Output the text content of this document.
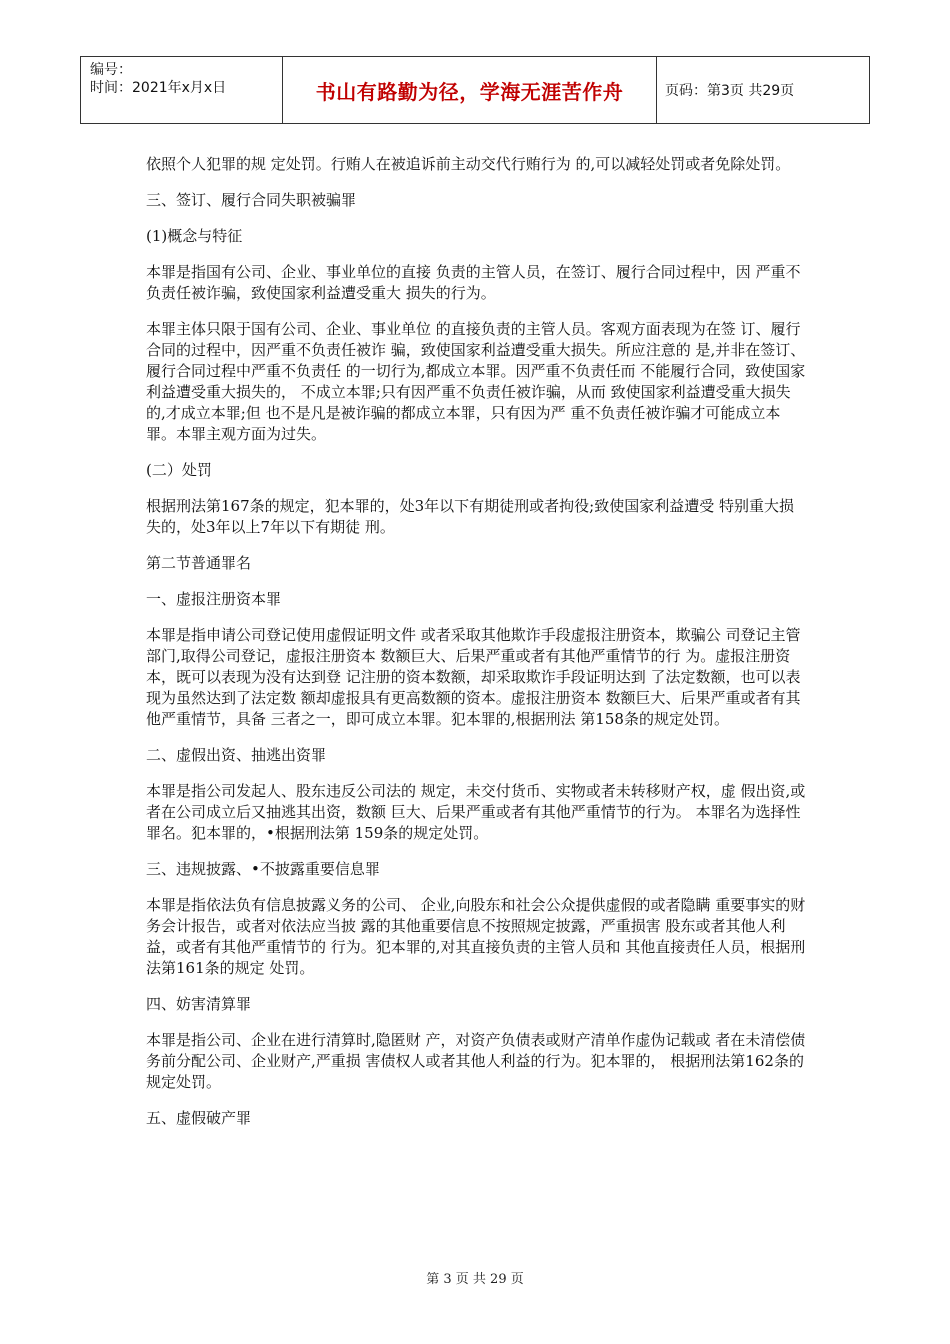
编号：
时间：2021年x月x日	书山有路勤为径，学海无涯苦作舟	页码：第3页 共29页

依照个人犯罪的规 定处罚。行贿人在被追诉前主动交代行贿行为 的,可以减轻处罚或者免除处罚。

三、签订、履行合同失职被骗罪

(1)概念与特征

本罪是指国有公司、企业、事业单位的直接 负责的主管人员，在签订、履行合同过程中，因 严重不负责任被诈骗，致使国家利益遭受重大 损失的行为。

本罪主体只限于国有公司、企业、事业单位 的直接负责的主管人员。客观方面表现为在签 订、履行合同的过程中，因严重不负责任被诈 骗，致使国家利益遭受重大损失。所应注意的 是,并非在签订、履行合同过程中严重不负责任 的一切行为,都成立本罪。因严重不负责任而 不能履行合同，致使国家利益遭受重大损失的， 不成立本罪;只有因严重不负责任被诈骗，从而 致使国家利益遭受重大损失的,才成立本罪;但 也不是凡是被诈骗的都成立本罪，只有因为严 重不负责任被诈骗才可能成立本罪。本罪主观方面为过失。

(二）处罚

根据刑法第167条的规定，犯本罪的，处3年以下有期徒刑或者拘役;致使国家利益遭受 特别重大损失的，处3年以上7年以下有期徒 刑。

第二节普通罪名

一、虚报注册资本罪

本罪是指申请公司登记使用虚假证明文件 或者采取其他欺诈手段虚报注册资本，欺骗公 司登记主管部门,取得公司登记，虚报注册资本 数额巨大、后果严重或者有其他严重情节的行 为。虚报注册资本，既可以表现为没有达到登 记注册的资本数额，却采取欺诈手段证明达到 了法定数额，也可以表现为虽然达到了法定数 额却虚报具有更高数额的资本。虚报注册资本 数额巨大、后果严重或者有其他严重情节，具备 三者之一，即可成立本罪。犯本罪的,根据刑法 第158条的规定处罚。

二、虚假出资、抽逃出资罪

本罪是指公司发起人、股东违反公司法的 规定，未交付货币、实物或者未转移财产权，虚 假出资,或者在公司成立后又抽逃其出资，数额 巨大、后果严重或者有其他严重情节的行为。 本罪名为选择性罪名。犯本罪的，•根据刑法第 159条的规定处罚。

三、违规披露、•不披露重要信息罪

本罪是指依法负有信息披露义务的公司、 企业,向股东和社会公众提供虚假的或者隐瞒 重要事实的财务会计报告，或者对依法应当披 露的其他重要信息不按照规定披露，严重损害 股东或者其他人利益，或者有其他严重情节的 行为。犯本罪的,对其直接负责的主管人员和 其他直接责任人员，根据刑法第161条的规定 处罚。

四、妨害清算罪

本罪是指公司、企业在进行清算时,隐匿财 产，对资产负债表或财产清单作虚伪记载或 者在未清偿债务前分配公司、企业财产,严重损 害债权人或者其他人利益的行为。犯本罪的， 根据刑法第162条的规定处罚。

五、虚假破产罪

第 3 页 共 29 页
